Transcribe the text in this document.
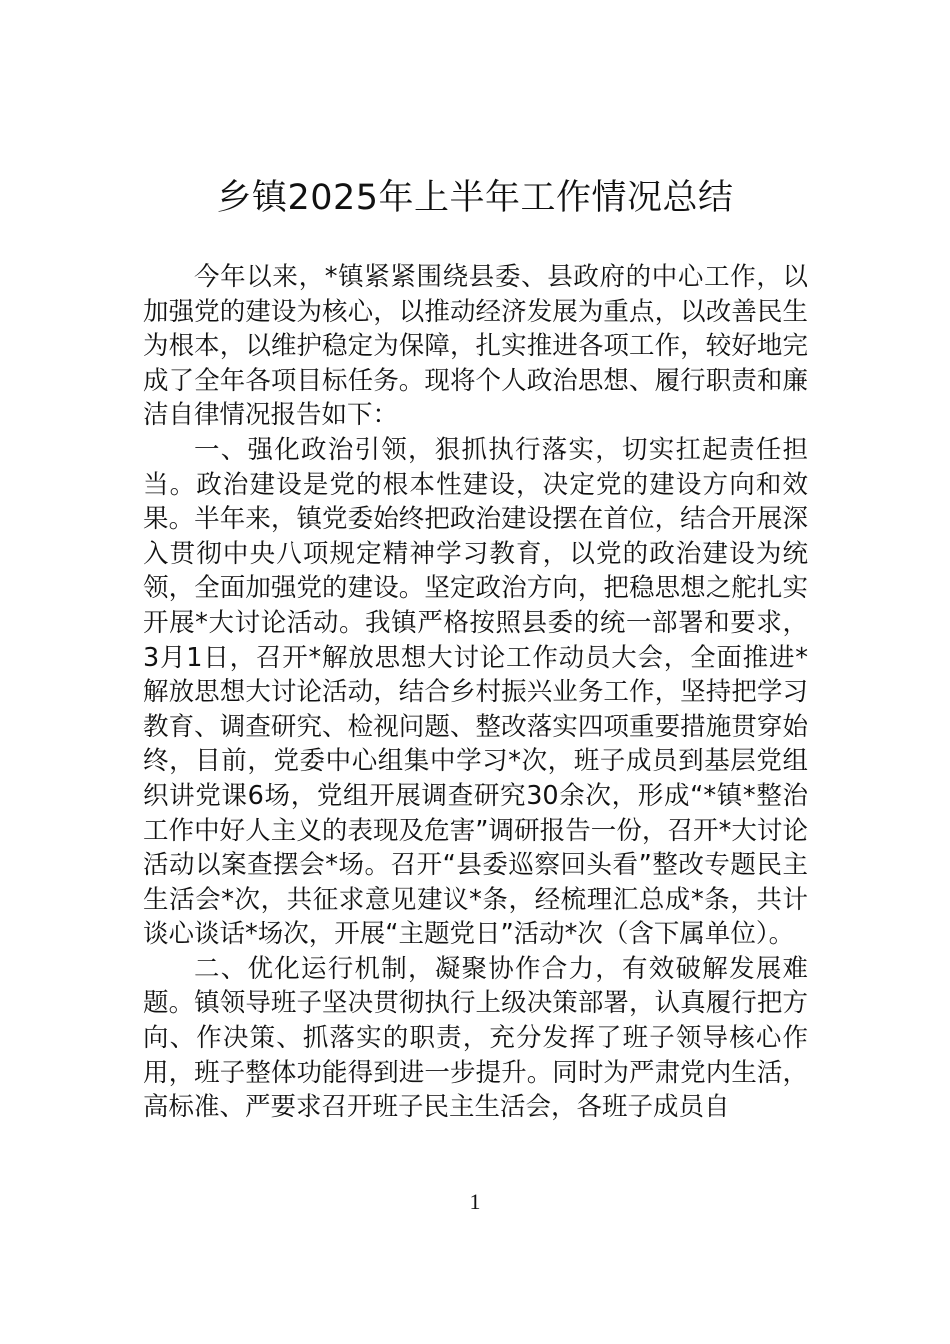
乡镇2025年上半年工作情况总结

今年以来，*镇紧紧围绕县委、县政府的中心工作，以加强党的建设为核心，以推动经济发展为重点，以改善民生为根本，以维护稳定为保障，扎实推进各项工作，较好地完成了全年各项目标任务。现将个人政治思想、履行职责和廉洁自律情况报告如下：

一、强化政治引领，狠抓执行落实，切实扛起责任担当。政治建设是党的根本性建设，决定党的建设方向和效果。半年来，镇党委始终把政治建设摆在首位，结合开展深入贯彻中央八项规定精神学习教育，以党的政治建设为统领，全面加强党的建设。坚定政治方向，把稳思想之舵扎实开展*大讨论活动。我镇严格按照县委的统一部署和要求，3月1日，召开*解放思想大讨论工作动员大会，全面推进*解放思想大讨论活动，结合乡村振兴业务工作，坚持把学习教育、调查研究、检视问题、整改落实四项重要措施贯穿始终，目前，党委中心组集中学习*次，班子成员到基层党组织讲党课6场，党组开展调查研究30余次，形成“*镇*整治工作中好人主义的表现及危害”调研报告一份，召开*大讨论活动以案查摆会*场。召开“县委巡察回头看”整改专题民主生活会*次，共征求意见建议*条，经梳理汇总成*条，共计谈心谈话*场次，开展“主题党日”活动*次（含下属单位）。

二、优化运行机制，凝聚协作合力，有效破解发展难题。镇领导班子坚决贯彻执行上级决策部署，认真履行把方向、作决策、抓落实的职责，充分发挥了班子领导核心作用，班子整体功能得到进一步提升。同时为严肃党内生活，高标准、严要求召开班子民主生活会，各班子成员自

1
